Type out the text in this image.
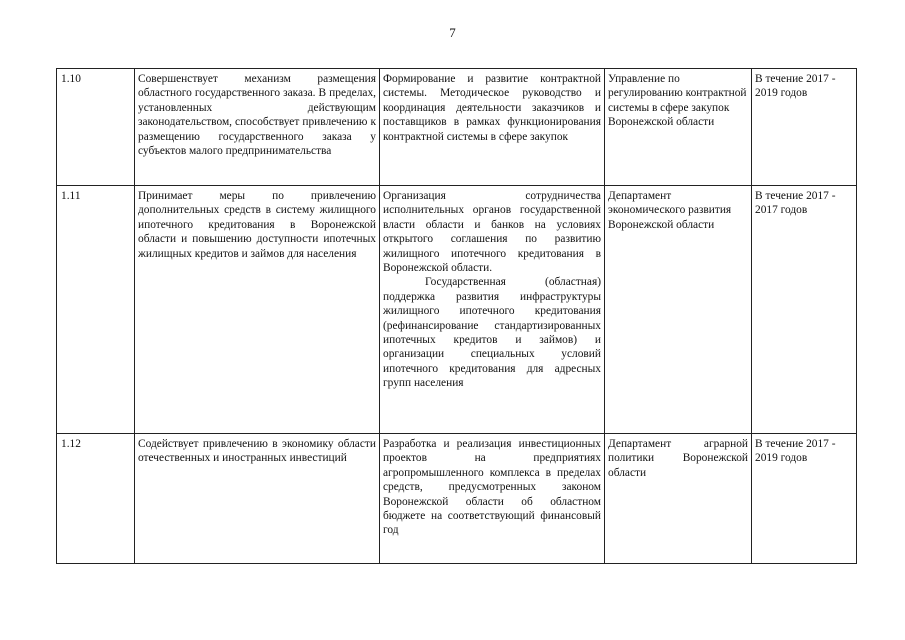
7
1.10	Совершенствует механизм размещения областного государственного заказа. В пределах, установленных действующим законодательством, способствует привлечению к размещению государственного заказа у субъектов малого предпринимательства	Формирование и развитие контрактной системы. Методическое руководство и координация деятельности заказчиков и поставщиков в рамках функционирования контрактной системы в сфере закупок	Управление по регулированию контрактной системы в сфере закупок Воронежской области	В течение 2017 - 2019 годов
1.11	Принимает меры по привлечению дополнительных средств в систему жилищного ипотечного кредитования в Воронежской области и повышению доступности ипотечных жилищных кредитов и займов для населения	Организация сотрудничества исполнительных органов государственной власти области и банков на условиях открытого соглашения по развитию жилищного ипотечного кредитования в Воронежской области.
Государственная (областная) поддержка развития инфраструктуры жилищного ипотечного кредитования (рефинансирование стандартизированных ипотечных кредитов и займов) и организации специальных условий ипотечного кредитования для адресных групп населения	Департамент экономического развития Воронежской области	В течение 2017 - 2017 годов
1.12	Содействует привлечению в экономику области отечественных и иностранных инвестиций	Разработка и реализация инвестиционных проектов на предприятиях агропромышленного комплекса в пределах средств, предусмотренных законом Воронежской области об областном бюджете на соответствующий финансовый год	Департамент аграрной политики Воронежской области	В течение 2017 - 2019 годов
